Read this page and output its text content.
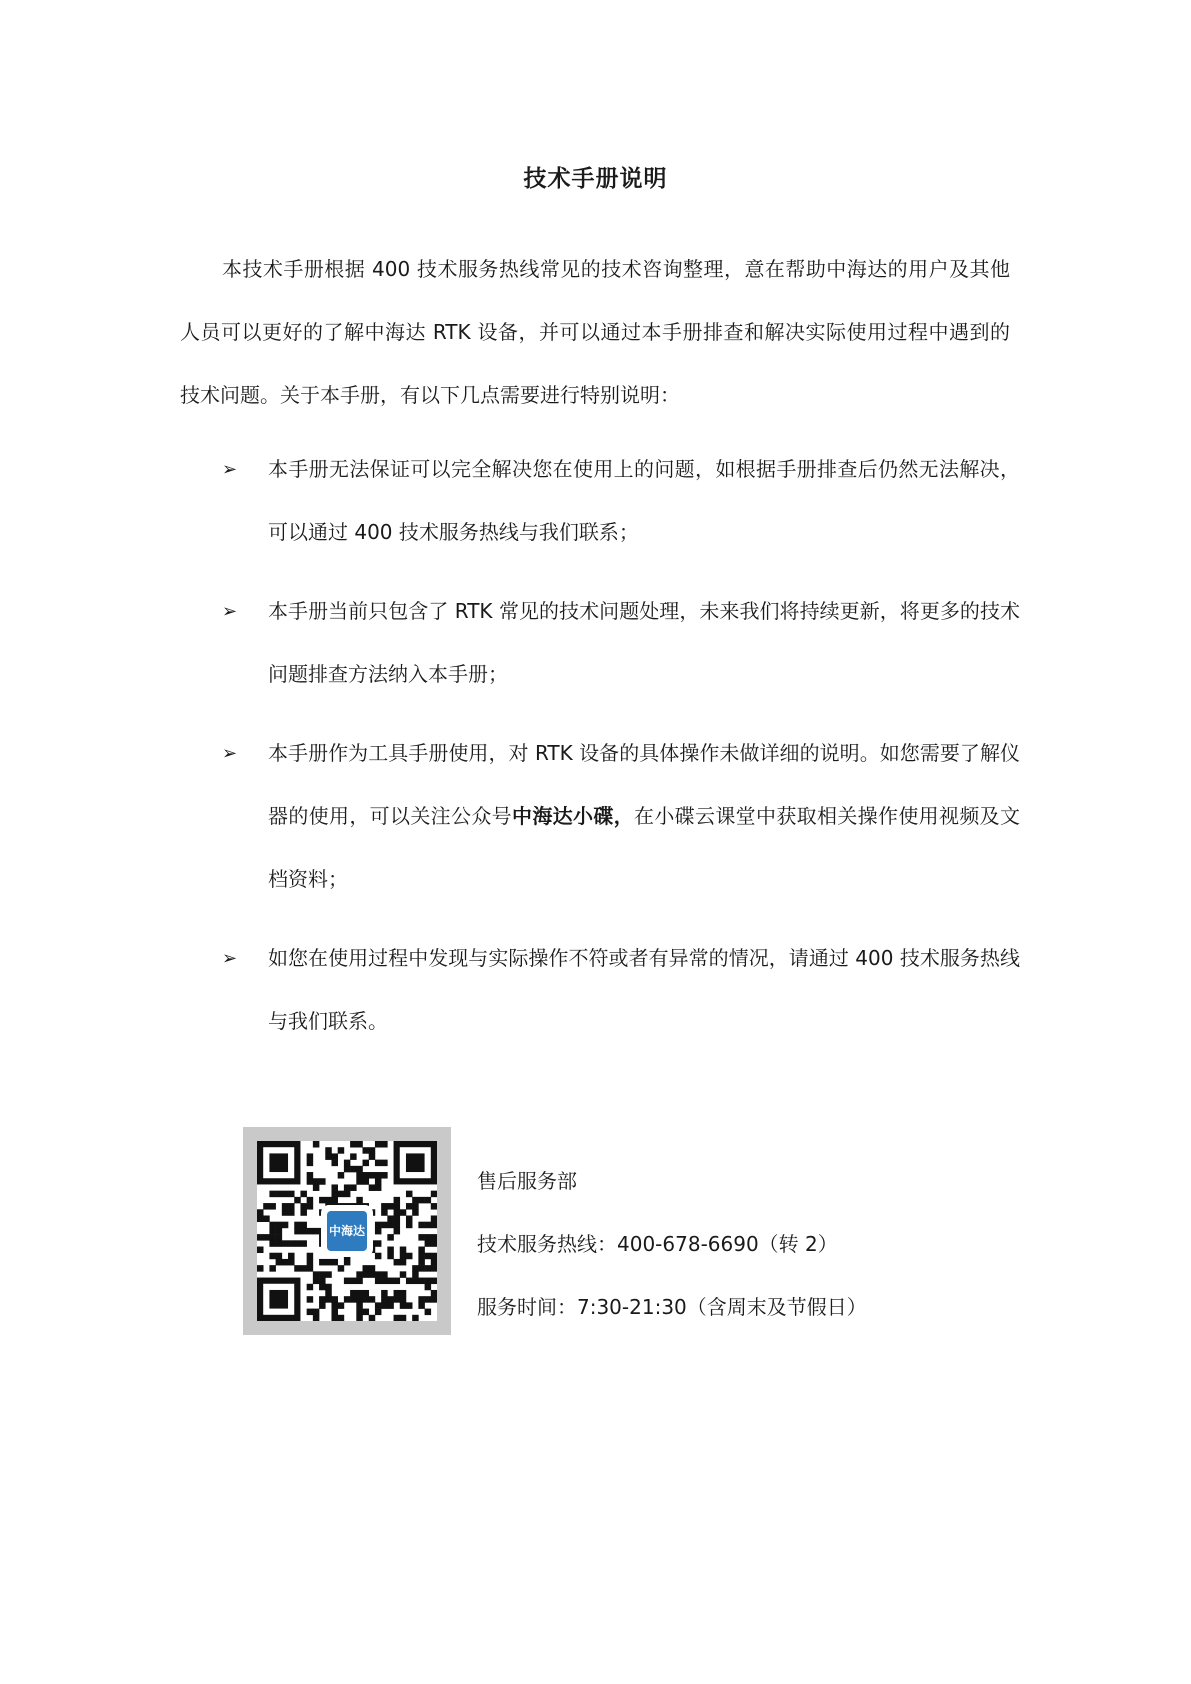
技术手册说明

本技术手册根据 400 技术服务热线常见的技术咨询整理，意在帮助中海达的用户及其他人员可以更好的了解中海达 RTK 设备，并可以通过本手册排查和解决实际使用过程中遇到的技术问题。关于本手册，有以下几点需要进行特别说明：

➢ 本手册无法保证可以完全解决您在使用上的问题，如根据手册排查后仍然无法解决，可以通过 400 技术服务热线与我们联系；
➢ 本手册当前只包含了 RTK 常见的技术问题处理，未来我们将持续更新，将更多的技术问题排查方法纳入本手册；
➢ 本手册作为工具手册使用，对 RTK 设备的具体操作未做详细的说明。如您需要了解仪器的使用，可以关注公众号中海达小碟，在小碟云课堂中获取相关操作使用视频及文档资料；
➢ 如您在使用过程中发现与实际操作不符或者有异常的情况，请通过 400 技术服务热线与我们联系。
中海达
售后服务部
技术服务热线：400-678-6690（转 2）
服务时间：7:30-21:30（含周末及节假日）
